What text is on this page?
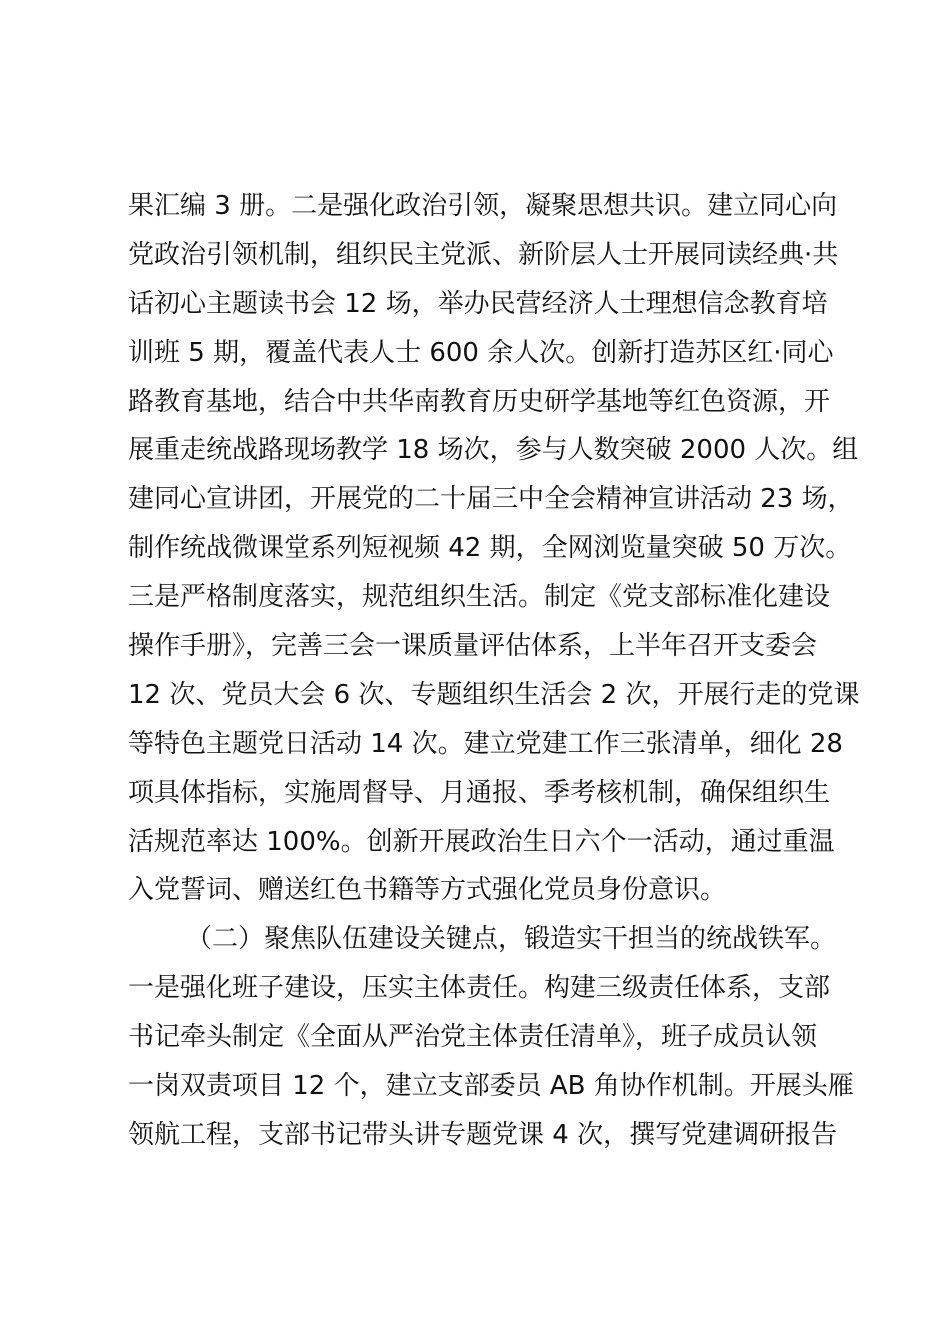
果汇编 3 册。二是强化政治引领，凝聚思想共识。建立同心向
党政治引领机制，组织民主党派、新阶层人士开展同读经典·共
话初心主题读书会 12 场，举办民营经济人士理想信念教育培
训班 5 期，覆盖代表人士 600 余人次。创新打造苏区红·同心
路教育基地，结合中共华南教育历史研学基地等红色资源，开
展重走统战路现场教学 18 场次，参与人数突破 2000 人次。组
建同心宣讲团，开展党的二十届三中全会精神宣讲活动 23 场，
制作统战微课堂系列短视频 42 期，全网浏览量突破 50 万次。
三是严格制度落实，规范组织生活。制定《党支部标准化建设
操作手册》，完善三会一课质量评估体系，上半年召开支委会
12 次、党员大会 6 次、专题组织生活会 2 次，开展行走的党课
等特色主题党日活动 14 次。建立党建工作三张清单，细化 28
项具体指标，实施周督导、月通报、季考核机制，确保组织生
活规范率达 100%。创新开展政治生日六个一活动，通过重温
入党誓词、赠送红色书籍等方式强化党员身份意识。
（二）聚焦队伍建设关键点，锻造实干担当的统战铁军。
一是强化班子建设，压实主体责任。构建三级责任体系，支部
书记牵头制定《全面从严治党主体责任清单》，班子成员认领
一岗双责项目 12 个，建立支部委员 AB 角协作机制。开展头雁
领航工程，支部书记带头讲专题党课 4 次，撰写党建调研报告
